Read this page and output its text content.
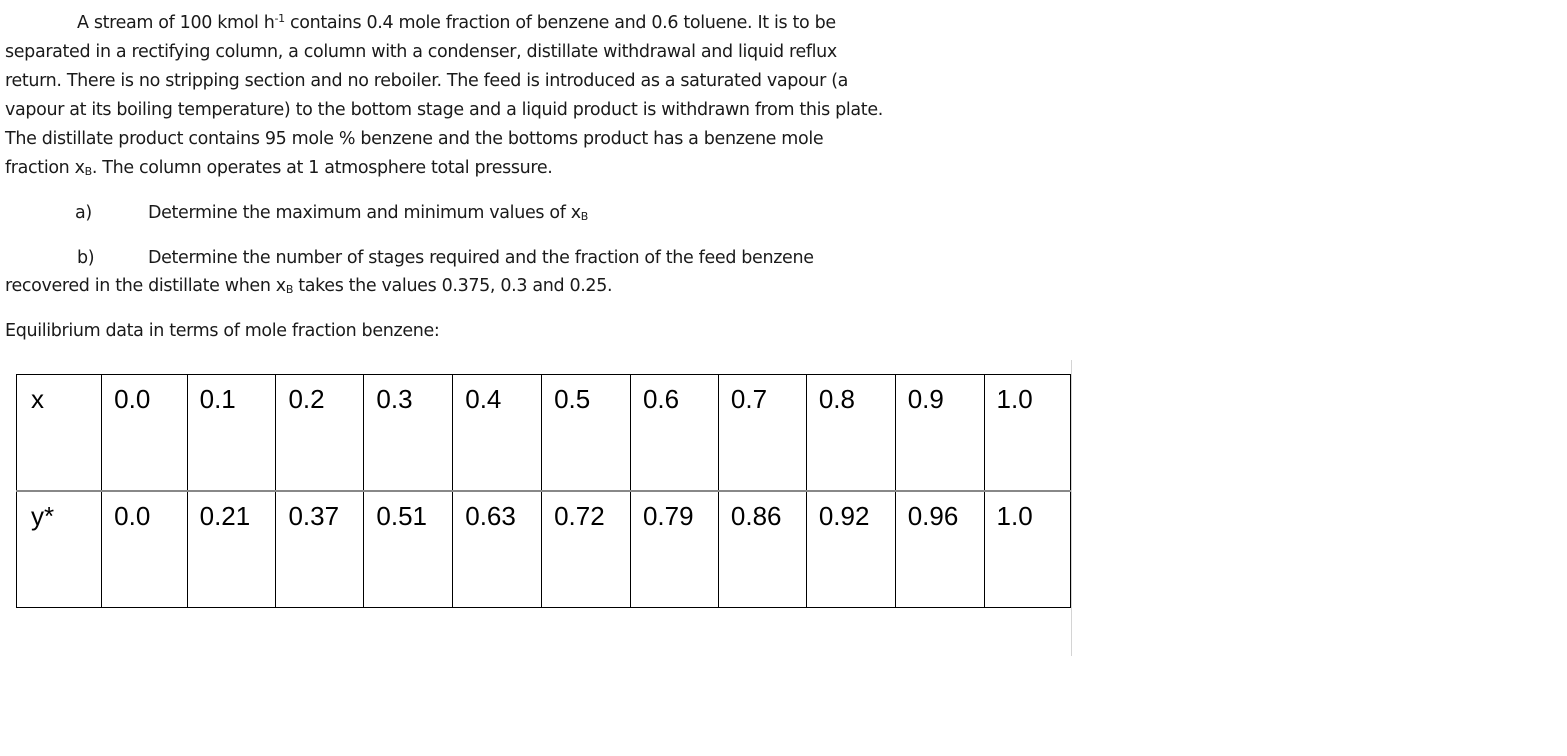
A stream of 100 kmol $h^{-1}$ contains 0.4 mole fraction of benzene and 0.6 toluene. It is to be
separated in a rectifying column, a column with a condenser, distillate withdrawal and liquid reflux
return. There is no stripping section and no reboiler. The feed is introduced as a saturated vapour (a
vapour at its boiling temperature) to the bottom stage and a liquid product is withdrawn from this plate.
The distillate product contains 95 mole % benzene and the bottoms product has a benzene mole
fraction $x_B$. The column operates at 1 atmosphere total pressure.
a)	Determine the maximum and minimum values of $x_B$
b)	Determine the number of stages required and the fraction of the feed benzene
recovered in the distillate when $x_B$ takes the values 0.375, 0.3 and 0.25.
Equilibrium data in terms of mole fraction benzene:
x	0.0	0.1	0.2	0.3	0.4	0.5	0.6	0.7	0.8	0.9	1.0
y*	0.0	0.21	0.37	0.51	0.63	0.72	0.79	0.86	0.92	0.96	1.0
